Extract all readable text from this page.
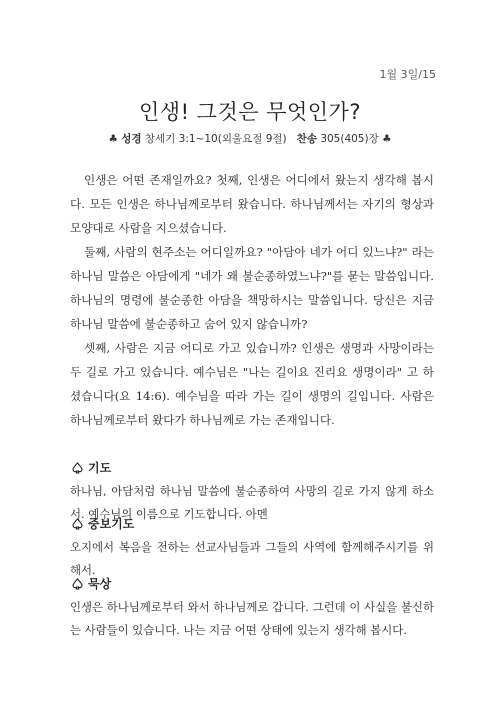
1월 3일/15
인생! 그것은 무엇인가?
♣ 성경 창세기 3:1~10(외울요절 9절) 찬송 305(405)장 ♣

인생은 어떤 존재일까요? 첫째, 인생은 어디에서 왔는지 생각해 봅시다. 모든 인생은 하나님께로부터 왔습니다. 하나님께서는 자기의 형상과 모양대로 사람을 지으셨습니다.

둘째, 사람의 현주소는 어디일까요? "아담아 네가 어디 있느냐?" 라는 하나님 말씀은 아담에게 "네가 왜 불순종하였느냐?"를 묻는 말씀입니다. 하나님의 명령에 불순종한 아담을 책망하시는 말씀입니다. 당신은 지금 하나님 말씀에 불순종하고 숨어 있지 않습니까?

셋째, 사람은 지금 어디로 가고 있습니까? 인생은 생명과 사망이라는 두 길로 가고 있습니다. 예수님은 "나는 길이요 진리요 생명이라" 고 하셨습니다(요 14:6). 예수님을 따라 가는 길이 생명의 길입니다. 사람은 하나님께로부터 왔다가 하나님께로 가는 존재입니다.

기도

하나님, 아담처럼 하나님 말씀에 불순종하여 사망의 길로 가지 않게 하소서. 예수님의 이름으로 기도합니다. 아멘

중보기도

오지에서 복음을 전하는 선교사님들과 그들의 사역에 함께해주시기를 위해서.

묵상

인생은 하나님께로부터 와서 하나님께로 갑니다. 그런데 이 사실을 불신하는 사람들이 있습니다. 나는 지금 어떤 상태에 있는지 생각해 봅시다.
